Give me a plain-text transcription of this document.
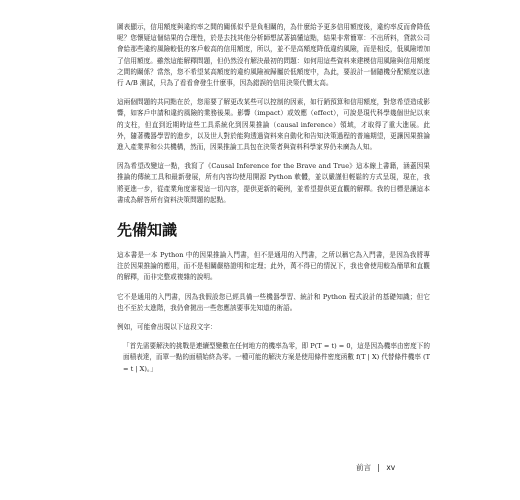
圖表顯示，信用額度與違約率之間的關係似乎是負相關的，為什麼給予更多信用額度後，違約率反而會降低呢？您懷疑這個結果的合理性，於是去找其他分析師想試著搞懂這點，結果非常簡單：不出所料，貸款公司會給那些違約風險較低的客戶較高的信用額度，所以，並不是高額度降低違約風險，而是相反，低風險增加了信用額度。雖然這能解釋問題，但仍然沒有解決最初的問題：如何用這些資料來建模信用風險與信用額度之間的關係？當然，您不希望某高額度的違約風險被歸屬於低額度中，為此，要設計一個隨機分配額度以進行 A/B 測試，只為了看看會發生什麼事，因為錯誤的信用決策代價太高。

這兩個問題的共同點在於，您需要了解更改某些可以控制的因素，如行銷預算和信用額度，對您希望造成影響，如客戶申請和違約風險的業務後果。影響（impact）或效應（effect），可說是現代科學幾個世紀以來的支柱，但直到近期時這些工具系統化到因果推論（causal inference）領域，才取得了重大進展。此外，隨著機器學習的進步，以及世人對於能夠透過資料來自動化和告知決策過程的普遍期望，更讓因果推論進入產業界和公共機構，然而，因果推論工具包在決策者與資料科學家界仍未廣為人知。

因為希望改變這一點，我寫了《Causal Inference for the Brave and True》這本線上書籍，涵蓋因果推論的傳統工具和最新發展，所有內容均使用開源 Python 軟體，並以嚴謹但輕鬆的方式呈現，現在，我將更進一步，從產業角度審視這一切內容，提供更新的範例，並希望提供更直觀的解釋。我的目標是讓這本書成為解答所有資料決策問題的起點。

先備知識

這本書是一本 Python 中的因果推論入門書，但不是通用的入門書，之所以稱它為入門書，是因為我將專注於因果推論的應用，而不是相關嚴格證明和定理；此外，萬不得已的情況下，我也會使用較為簡單和直觀的解釋，而非完整或複雜的說明。

它不是通用的入門書，因為我假設您已經具備一些機器學習、統計和 Python 程式設計的基礎知識；但它也不至於太進階，我仍會拋出一些您應該要事先知道的術語。

例如，可能會出現以下這段文字：

「首先需要解決的挑戰是連續型變數在任何地方的機率為零，即 P(T = t) = 0，這是因為機率由密度下的面積表達，而單一點的面積始終為零。一種可能的解決方案是使用條件密度函數 f(T | X) 代替條件機率 (T = t | X)。」

前言 | xv
